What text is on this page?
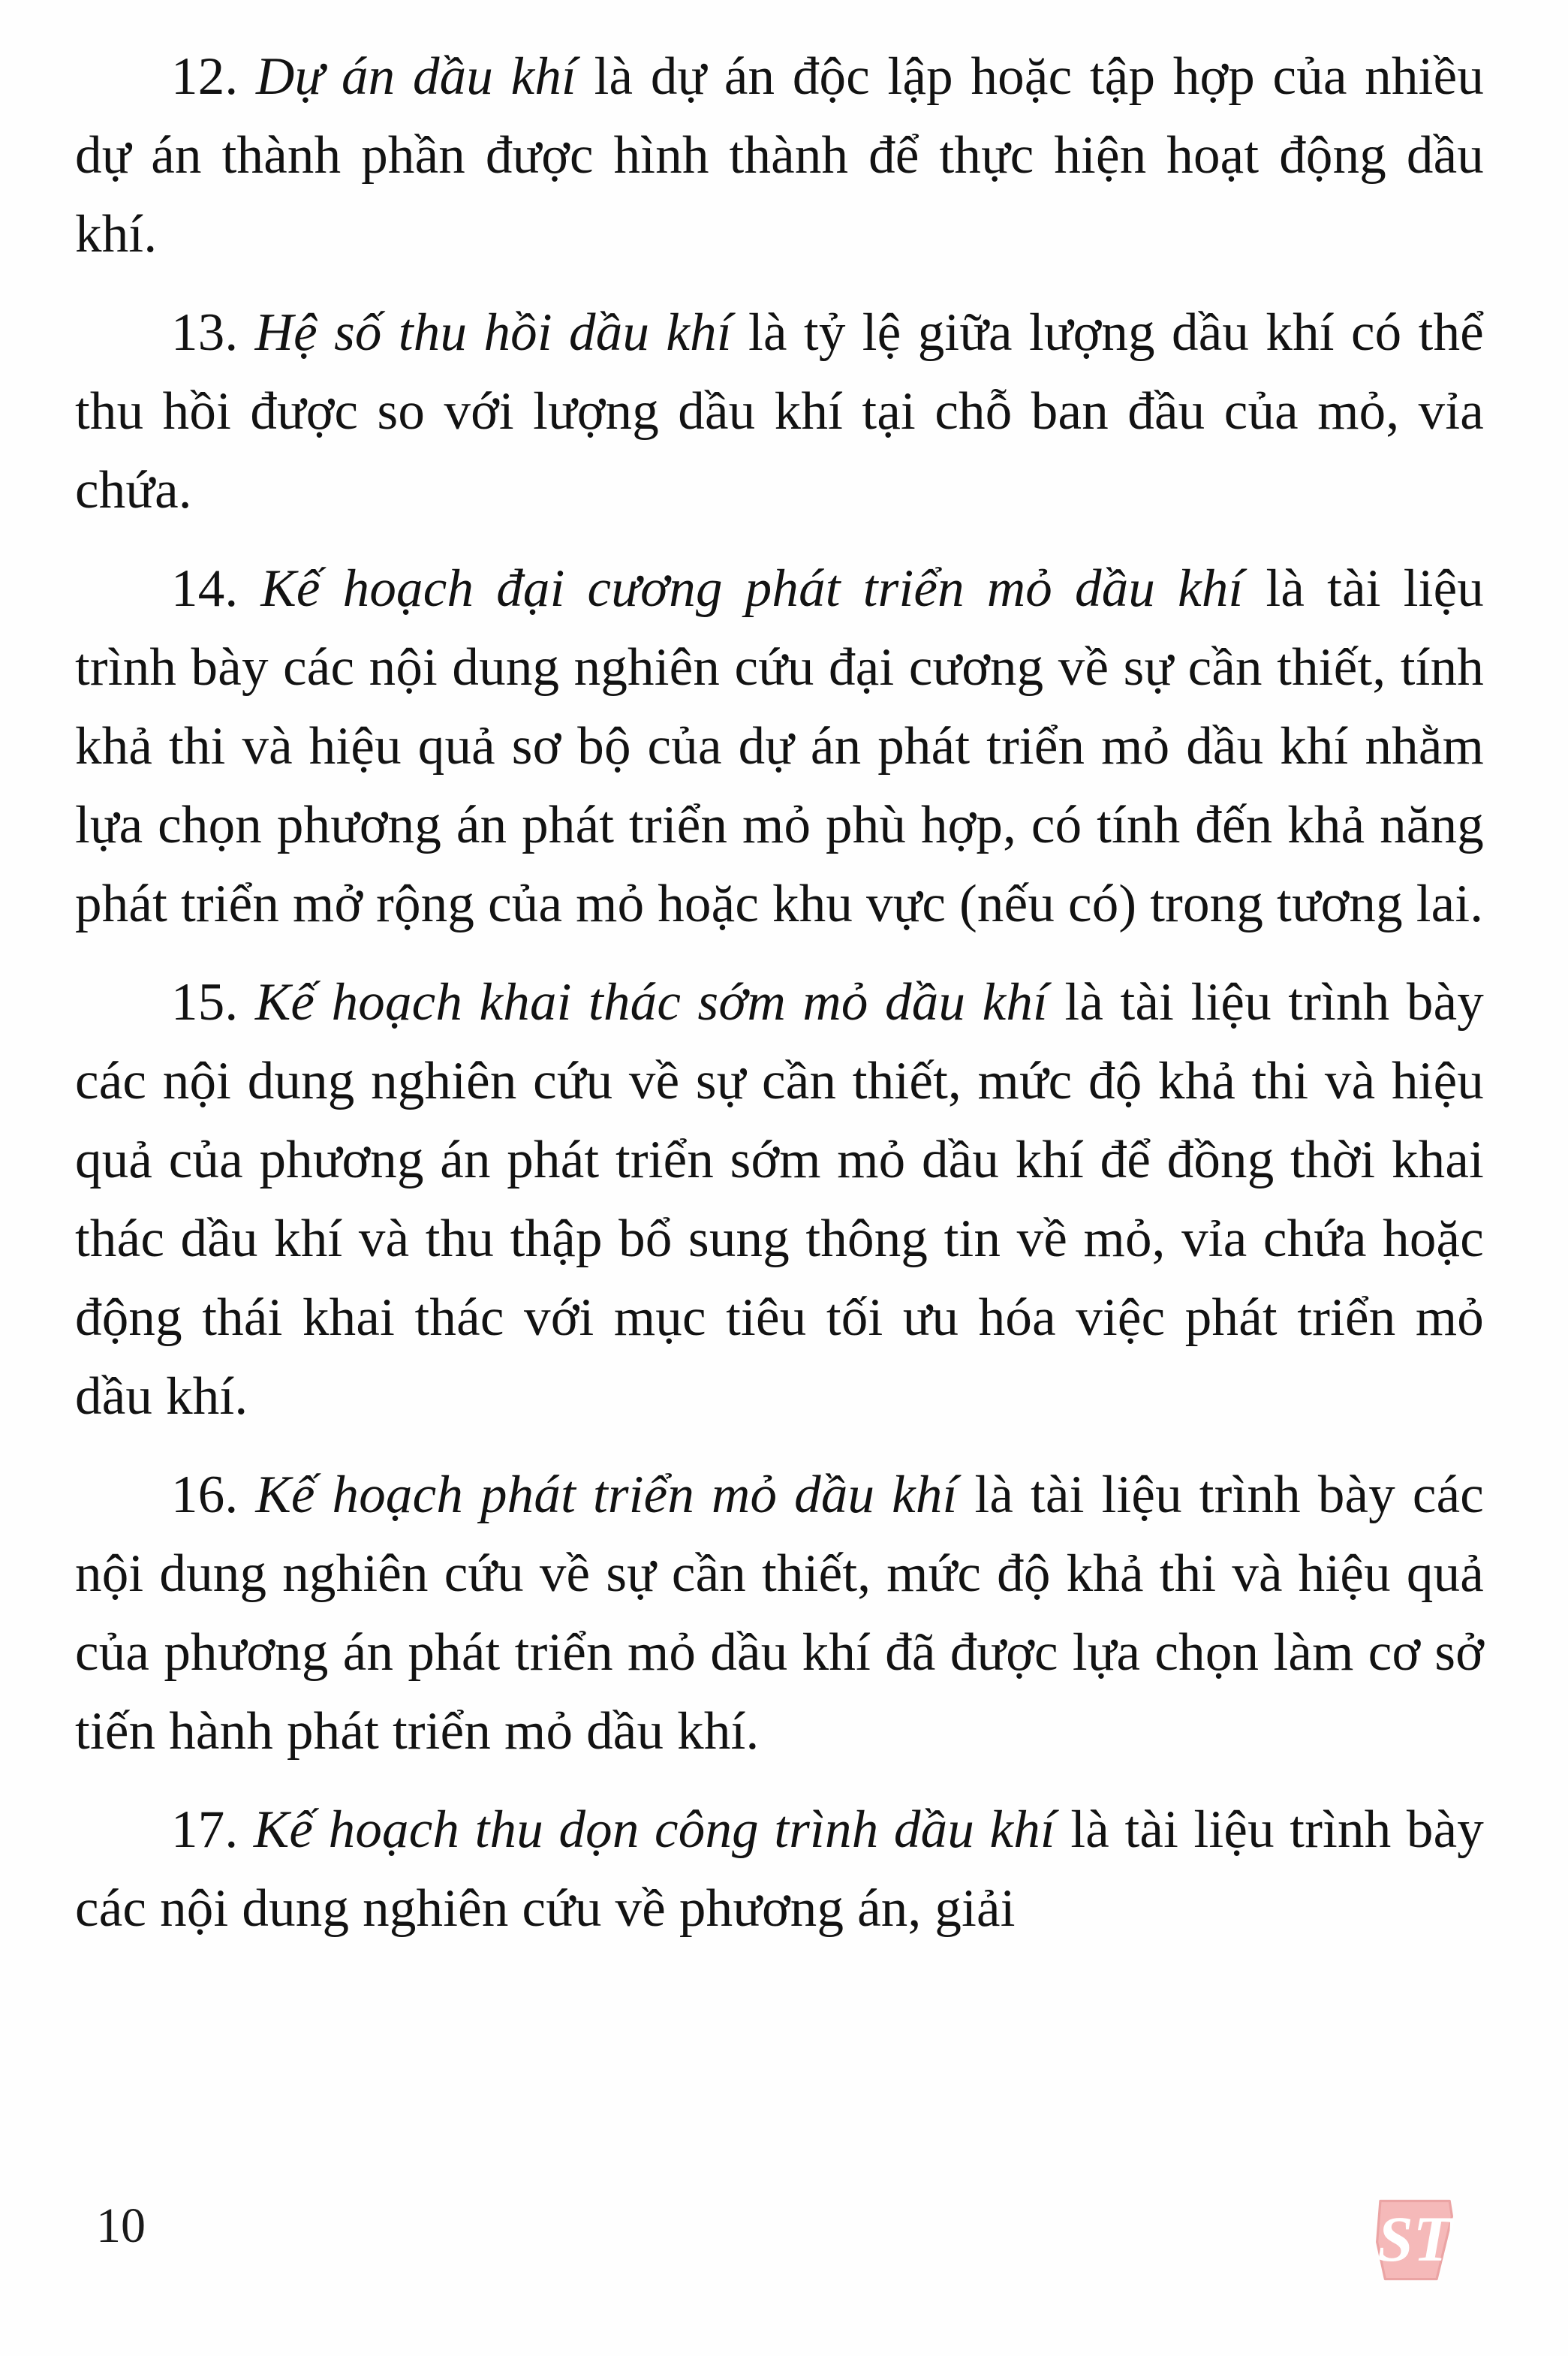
12. Dự án dầu khí là dự án độc lập hoặc tập hợp của nhiều dự án thành phần được hình thành để thực hiện hoạt động dầu khí.

13. Hệ số thu hồi dầu khí là tỷ lệ giữa lượng dầu khí có thể thu hồi được so với lượng dầu khí tại chỗ ban đầu của mỏ, vỉa chứa.

14. Kế hoạch đại cương phát triển mỏ dầu khí là tài liệu trình bày các nội dung nghiên cứu đại cương về sự cần thiết, tính khả thi và hiệu quả sơ bộ của dự án phát triển mỏ dầu khí nhằm lựa chọn phương án phát triển mỏ phù hợp, có tính đến khả năng phát triển mở rộng của mỏ hoặc khu vực (nếu có) trong tương lai.

15. Kế hoạch khai thác sớm mỏ dầu khí là tài liệu trình bày các nội dung nghiên cứu về sự cần thiết, mức độ khả thi và hiệu quả của phương án phát triển sớm mỏ dầu khí để đồng thời khai thác dầu khí và thu thập bổ sung thông tin về mỏ, vỉa chứa hoặc động thái khai thác với mục tiêu tối ưu hóa việc phát triển mỏ dầu khí.

16. Kế hoạch phát triển mỏ dầu khí là tài liệu trình bày các nội dung nghiên cứu về sự cần thiết, mức độ khả thi và hiệu quả của phương án phát triển mỏ dầu khí đã được lựa chọn làm cơ sở tiến hành phát triển mỏ dầu khí.

17. Kế hoạch thu dọn công trình dầu khí là tài liệu trình bày các nội dung nghiên cứu về phương án, giải

10	ST
